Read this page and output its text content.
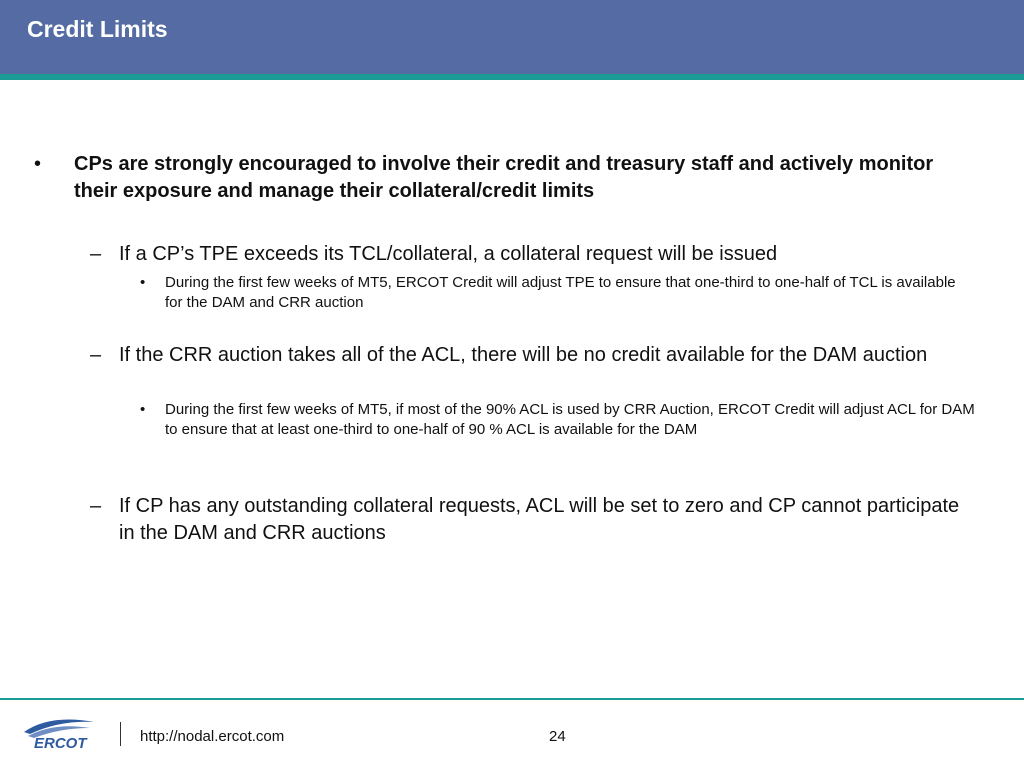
Credit Limits
• CPs are strongly encouraged to involve their credit and treasury staff and actively monitor their exposure and manage their collateral/credit limits
– If a CP’s TPE exceeds its TCL/collateral, a collateral request will be issued
• During the first few weeks of MT5, ERCOT Credit will adjust TPE to ensure that one-third to one-half of TCL is available for the DAM and CRR auction
– If the CRR auction takes all of the ACL, there will be no credit available for the DAM auction
• During the first few weeks of MT5, if most of the 90% ACL is used by CRR Auction, ERCOT Credit will adjust ACL for DAM to ensure that at least one-third to one-half of 90 % ACL is available for the DAM
– If CP has any outstanding collateral requests, ACL will be set to zero and CP cannot participate in the DAM and CRR auctions
ERCOT	http://nodal.ercot.com	24
